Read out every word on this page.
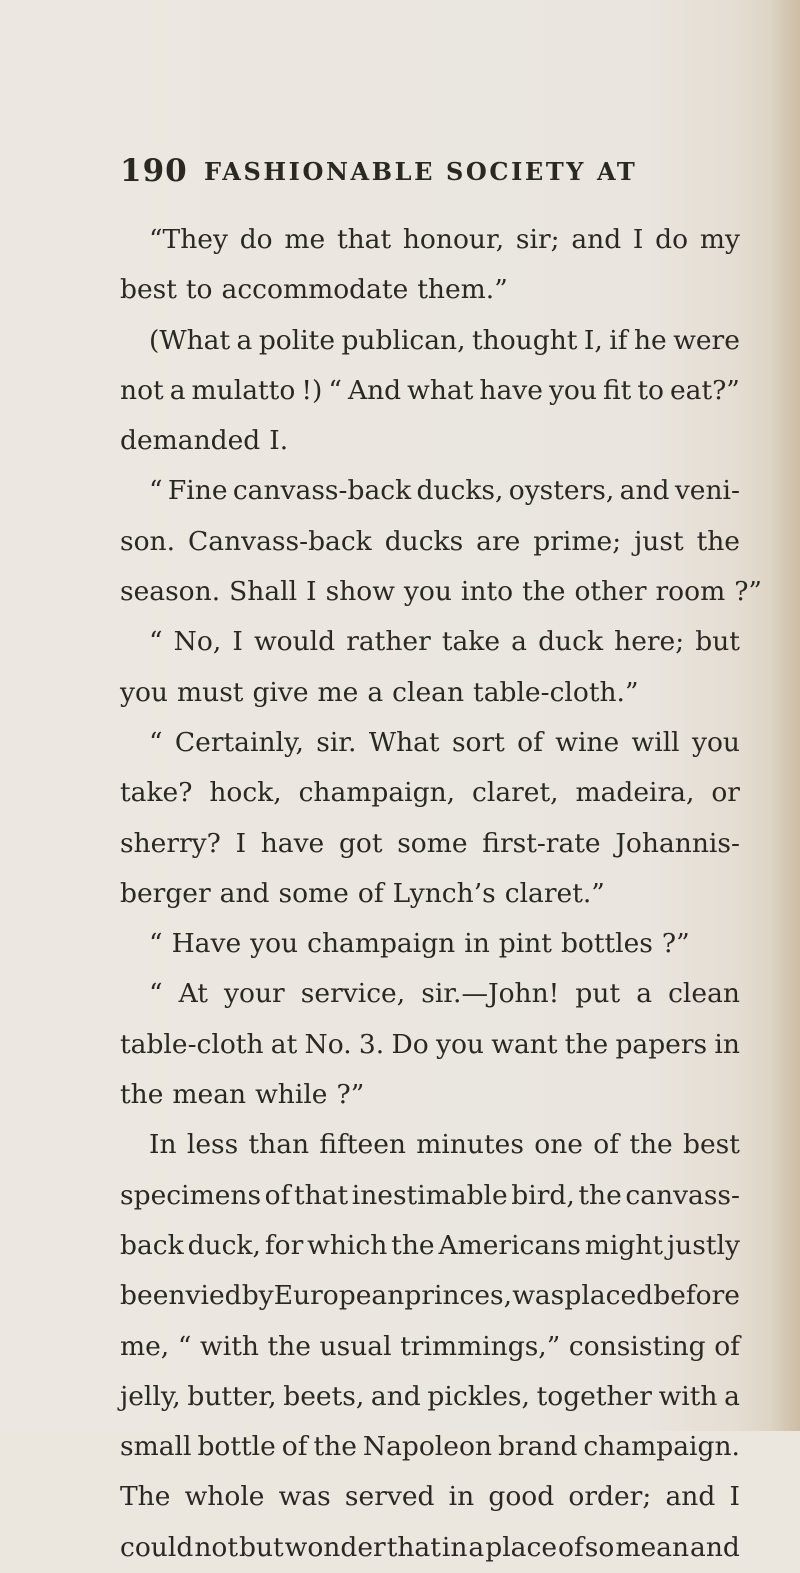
190 FASHIONABLE SOCIETY AT
“They do me that honour, sir; and I do my
best to accommodate them.”
(What a polite publican, thought I, if he were
not a mulatto !) “ And what have you fit to eat?”
demanded I.
“ Fine canvass-back ducks, oysters, and veni-
son. Canvass-back ducks are prime; just the
season. Shall I show you into the other room ?”
“ No, I would rather take a duck here; but
you must give me a clean table-cloth.”
“ Certainly, sir. What sort of wine will you
take? hock, champaign, claret, madeira, or
sherry? I have got some first-rate Johannis-
berger and some of Lynch’s claret.”
“ Have you champaign in pint bottles ?”
“ At your service, sir.—John! put a clean
table-cloth at No. 3. Do you want the papers in
the mean while ?”
In less than fifteen minutes one of the best
specimens of that inestimable bird, the canvass-
back duck, for which the Americans might justly
be envied by European princes, was placed before
me, “ with the usual trimmings,” consisting of
jelly, butter, beets, and pickles, together with a
small bottle of the Napoleon brand champaign.
The whole was served in good order; and I
could not but wonder that in a place of so mean and
